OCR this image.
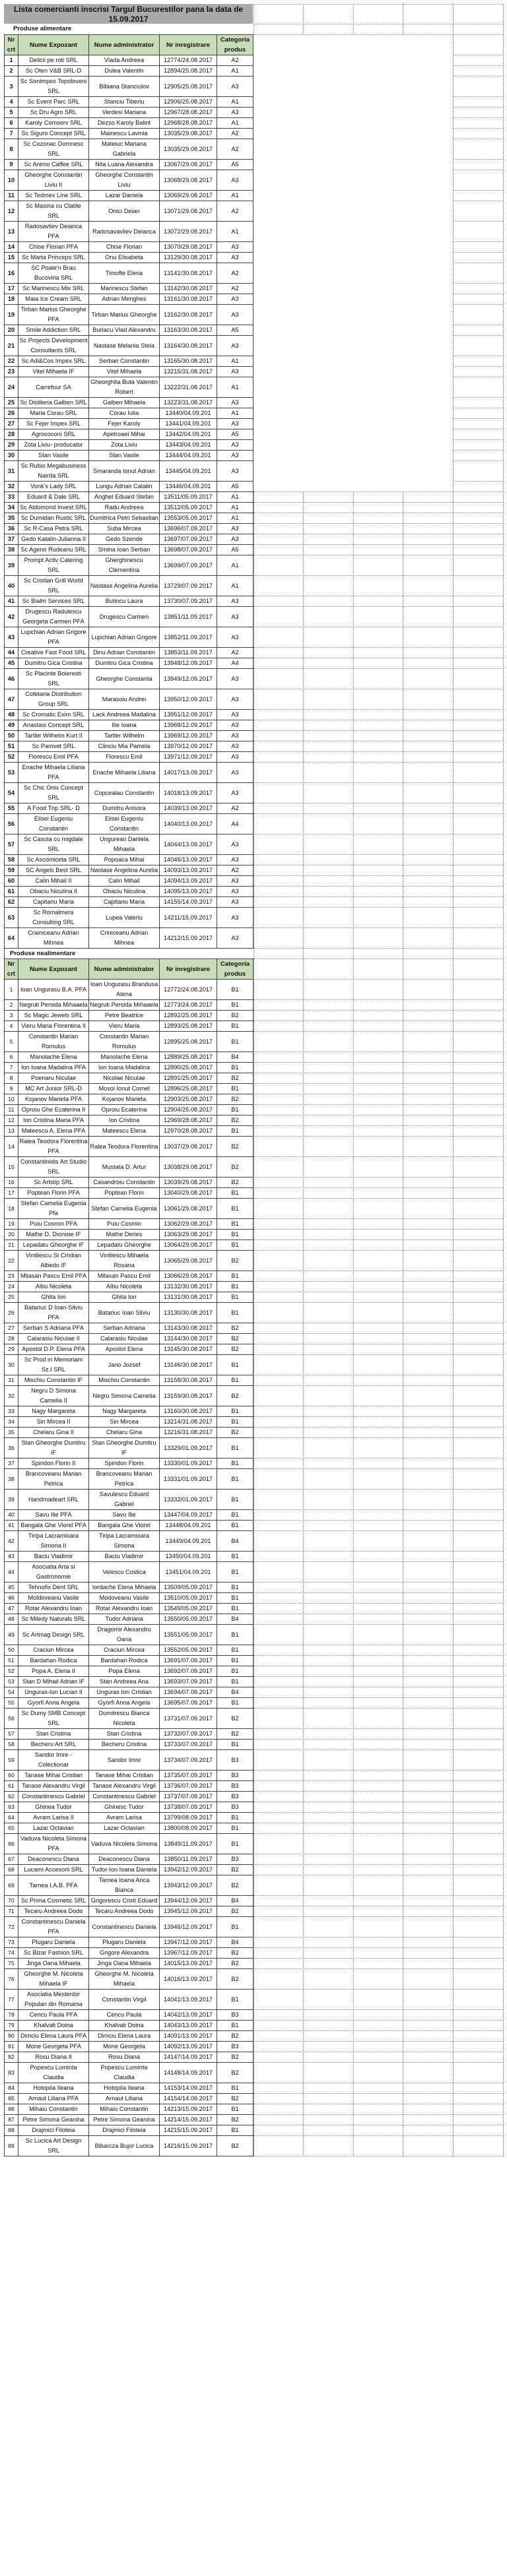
Lista comercianti inscrisi Targul Bucurestilor pana la data de 15.09.2017
Produse alimentare
Nr crt	Nume Expozant	Nume administrator	Nr inregistrare	Categoria produs
1	Delicii pe roti SRL	Vlada Andreea	12774/24.08.2017	A2
2	Sc Oten V&B SRL-D	Dulea Valentin	12894/25.08.2017	A1
3	Sc Sonimpex Topoloveni SRL	Bibiana Stanciulov	12905/25.08.2017	A3
4	Sc Event Parc SRL	Stanciu Tiberiu	12906/25.08.2017	A1
5	Sc Dru Agro SRL	Verdesi Mariana	12967/28.08.2017	A3
6	Karoly Comserv SRL	Dezso Karoly Balint	12968/28.08.2017	A1
7	Sc Siguro Concept SRL	Mainescu Lavinia	13035/29.08.2017	A2
8	Sc Cozonac Domnesc SRL	Mateiuc Mariana Gabriela	13035/29.08.2017	A2
9	Sc Animo Caffee SRL	Nita Luana Alexandra	13067/29.08.2017	A5
10	Gheorghe Constantin Liviu II	Gheorghe Constantin Liviu	13068/29.08.2017	A3
11	Sc Tedmex Line SRL	Lazar Daniela	13069/29.08.2017	A1
12	Sc Masina cu Clatite SRL	Onici Deian	13071/29.08.2017	A2
13	Radosavliev Deianca PFA	Radosavavliev Deianca	13072/29.08.2017	A1
14	Chise Florian PFA	Chise Florian	13070/29.08.2017	A3
15	Sc Marta Princeps SRL	Onu Elisabeta	13129/30.08.2017	A3
16	SC Poale'n Brau Bucovina SRL	Timofte Elena	13141/30.08.2017	A2
17	Sc Marinescu Mix SRL	Marinescu Stefan	13142/30.08.2017	A2
18	Maia Ice Cream SRL	Adrian Menghes	13161/30.08.2017	A3
19	Tirban Marius Gheorghe PFA	Tirban Marius Gheorghe	13162/30.08.2017	A3
20	Smile Addiction SRL	Burlacu Vlad Alexandru	13163/30.08.2017	A5
21	Sc Projects Development Consultants SRL	Nastase Melania Stela	13164/30.08.2017	A3
22	Sc Adi&Cos Impex SRL	Serban Constantin	13165/30.08.2017	A1
23	Vitel Mihaela IF	Vitel Mihaela	13215/31.08.2017	A3
24	Carrefour SA	Gheorghita Buta Valentin Robert	13222/31.08.2017	A1
25	Sc Distileria Galben SRL	Galben Mihaela	13223/31.08.2017	A3
26	Maria Corau SRL	Corau Iulia	13440/04.09.201	A1
27	Sc Fejer Impex SRL	Fejer Karoly	13441/04.09.201	A3
28	Agrococoni SRL	Apetroaei Mihai	13442/04.09.201	A5
29	Zota Liviu- producator	Zota Liviu	13443/04.09.201	A3
30	Stan Vasile	Stan Vasile	13444/04.09.201	A3
31	Sc Rubio Megabusiness Nairda SRL	Smaranda Ionut Adrian	13445/04.09.201	A3
32	Vonk's Lady SRL	Lungu Adrian Catalin	13446/04.09.201	A5
33	Eduard & Dale SRL	Anghel Eduard Stefan	13511/05.09.2017	A1
34	Sc Aldomond Invest SRL	Radu Andreea	13512/05.09.2017	A1
35	Sc Dumidan Rustic SRL	Dumitrica Petri Sebastian	13553/05.09.2017	A1
36	Sc R-Casa Petra SRL	Suba Mircea	13696/07.09.2017	A3
37	Gedo Katalin-Julianna II	Gedo Szende	13697/07.09.2017	A3
38	Sc Ageno Rudeanu SRL	Smina Ioan Serban	13698/07.09.2017	A5
39	Prompt Activ Catering SRL	Gherghinescu Clementina	13699/07.09.2017	A1
40	Sc Cristian Grill World SRL	Nastase Angelina Aurelia	13729/07.09.2017	A1
41	Sc Bialm Services SRL	Butincu Laura	13730/07.09.2017	A3
42	Drugescu Radulescu Georgeta Carmen PFA	Drugescu Carmen	13851/11.09.2017	A3
43	Lupchian Adrian Grigore PFA	Lupchian Adrian Grigore	13852/11.09.2017	A3
44	Creative Fast Food SRL	Dinu Adrian Constantin	13853/11.09.2017	A2
45	Dumitru Gica Cristina	Dumitru Gica Cristina	13948/12.09.2017	A4
46	Sc Placinte Boieresti SRL	Gheorghe Constanta	13949/12.09.2017	A3
47	Cofetaria Distribution Group SRL	Marasoiu Andrei	13950/12.09.2017	A3
48	Sc Cromatic Exim SRL	Lack Andreea Madalina	13951/12.09.2017	A3
49	Anastasi Concept SRL	Ilie Ioana	13968/12.09.2017	A3
50	Tartler Wilhelm Kurt II	Tartler Wilhelm	13969/12.09.2017	A3
51	Sc Pamvet SRL	Clinciu Mia Pamela	13970/12.09.2017	A3
52	Florescu Emil PFA	Florescu Emil	13971/12.09.2017	A3
53	Enache Mihaela Liliana PFA	Enache Mihaela Liliana	14017/13.09.2017	A3
54	Sc Chic Onix Concept SRL	Copcealau Constantin	14018/13.09.2017	A3
55	A Food Trip SRL- D	Dumitru Anisora	14039/13.09.2017	A2
56	Elisei Eugeniu Constantin	Elisei Eugeniu Constantin	14040/13.09.2017	A4
57	Sc Casuta cu migdale SRL	Ungurean Daniela Mihaela	14044/13.09.2017	A3
58	Sc Ascomiceta SRL	Popoaca Mihai	14046/13.09.2017	A3
59	SC Angels Best SRL	Nastase Angelina Aurelia	14093/13.09.2017	A2
60	Calin Mihail II	Calin Mihail	14094/13.09.2017	A3
61	Obaciu Niculina II	Obaciu Niculina	14095/13.09.2017	A3
62	Capitanu Maria	Capitanu Maria	14155/14.09.2017	A3
63	Sc Romalmera Consulting SRL	Lupea Valeriu	14211/15.09.2017	A3
64	Crainiceanu Adrian Mihnea	Criniceanu Adrian Mihnea	14212/15.09.2017	A3
Produse nealimentare				
Nr crt	Nume Expozant	Nume administrator	Nr inregistrare	Categoria produs
1	Ioan Ungurasu B.A. PFA	Ioan Ungurasu Brandusa Atena	12772/24.08.2017	B1
2	Negruti Persida Mihaaela	Negruti Persida Mihaaela	12773/24.08.2017	B1
3	Sc Magic Jewels SRL	Petre Beatrice	12892/25.08.2017	B2
4	Vieru Maria Florentina II	Vieru Maria	12893/25.08.2017	B1
5	Constantin Marian Romulus	Constantin Marian Romulus	12895/25.08.2017	B1
6	Manolache Elena	Manolache Elena	12889/25.08.2017	B4
7	Ion Ioana Madalina PFA	Ion Ioana Madalina	12890/25.08.2017	B1
8	Poenaru Niculae	Nicolae Niculae	12891/25.08.2017	B2
9	MC Art Junior SRL-D	Mosoi Ionut Cornel	12896/25.08.2017	B1
10	Kojanov Marieta PFA	Kojanov Marieta	12903/25.08.2017	B2
11	Oproiu Ghe Ecaterina II	Oproiu Ecaterina	12904/25.08.2017	B1
12	Ion Cristina Maria PFA	Ion Cristina	12969/28.08.2017	B2
13	Mateescu A. Elena PFA	Mateescu Elena	12970/28.08.2017	B1
14	Ralea Teodora Florentina PFA	Ralea Teodora Florentina	13037/29.08.2017	B2
15	Constantinidis Art Studio SRL	Mustata D. Artur	13038/29.08.2017	B2
16	Sc Artstip SRL	Casandroiu Constantin	13039/29.08.2017	B2
17	Poptean Florin PFA	Poptean Florin	13040/29.08.2017	B1
18	Stefan Camelia Eugenia Pfa	Stefan Camelia Eugenia	13061/29.08.2017	B1
19	Puiu Cosmin PFA	Puiu Cosmin	13062/29.08.2017	B1
20	Mathe D. Dionisie IF	Mathe Denes	13063/29.08.2017	B1
21	Lepadatu Gheorghe IF	Lepadatu Gheorghe	13064/29.08.2017	B1
22	Vintilescu St Cristian Albedo IF	Vintilescu Mihaela Roxana	13065/29.08.2017	B2
23	Milasan Pascu Emil PFA	Milasan Pascu Emil	13066/29.08.2017	B1
24	Albu Nicoleta	Albu Nicoleta	13132/30.08.2017	B1
25	Ghita Ion	Ghita Ion	13131/30.08.2017	B1
26	Batariuc D Ioan-Silviu PFA	Batariuc Ioan Silviu	13130/30.08.2017	B1
27	Serban S Adriana PFA	Serban Adriana	13143/30.08.2017	B2
28	Calarasiu Niculae II	Calarasiu Niculae	13144/30.08.2017	B2
29	Apostol D.P. Elena PFA	Apostol Elena	13145/30.08.2017	B2
30	Sc Prod in Memoriam Sz.I SRL	Jano Jozsef	13146/30.08.2017	B1
31	Mischiu Constantin IF	Mischiu Constantin	13158/30.08.2017	B1
32	Negru D Simona Camelia II	Negru Simona Camelia	13159/30.08.2017	B2
33	Nagy Margareta	Nagy Margareta	13160/30.08.2017	B1
34	Sin Mircea II	Sin Mircea	13214/31.08.2017	B1
35	Chelaru Gina II	Chelaru Gina	13216/31.08.2017	B2
36	Stan Gheorghe Dumitru IF	Stan Gheorghe Dumitru IF	13329/01.09.2017	B1
37	Spiridon Florin II	Spiridon Florin	13330/01.09.2017	B1
38	Brancoveanu Marian Petrica	Brancoveanu Marian Petrica	13331/01.09.2017	B1
39	Handmadeart SRL	Savulescu Eduard Gabriel	13332/01.09.2017	B1
40	Savu Ilie PFA	Savu Ilie	13447/04.09.2017	B1
41	Bangala Ghe Viorel PFA	Bangala Ghe Viorel	13448/04.09.201	B1
42	Tiripa Lacramioara Simona II	Tiripa Lacramioara Simona	13449/04.09.201	B4
43	Baciu Vladimir	Baciu Vladimir	13450/04.09.201	B1
44	Asociatia Arta si Gastronomie	Velescu Costica	13451/04.09.201	B1
45	Tehnofix Dent SRL	Iordache Elena Mihaela	13509/05.09.2017	B1
46	Moldoveanu Vasile	Modoveanu Vasile	13510/05.09.2017	B1
47	Rotar Alexandru Ioan	Rotar Alexandru Ioan	13549/05.09.2017	B1
48	Sc Miledy Naturals SRL	Tudor Adriana	13550/05.09.2017	B4
49	Sc Artmag Design SRL	Dragomir Alexandru Oana	13551/05.09.2017	B1
50	Craciun Mircea	Craciun Mircea	13552/05.09.2017	B1
51	Bardahan Rodica	Bardahan Rodica	13691/07.09.2017	B1
52	Popa A. Elena II	Popa Elena	13692/07.09.2017	B1
53	Stan D Mihail Adrian IF	Stan Andreea Ana	13693/07.09.2017	B1
54	Unguras-Ion Lucian II	Unguras Ion Cristian	13694/07.09.2017	B4
55	Gyorfi Anna Angela	Gyorfi Anna Angela	13695/07.09.2017	B1
56	Sc Dumy SMB Concept SRL	Dumitrescu Bianca Nicoleta	13731/07.09.2017	B2
57	Stan Cristina	Stan Cristina	13732/07.09.2017	B2
58	Becheru Art SRL	Becheru Cristina	13733/07.09.2017	B1
59	Sandor Imre - Colectionar	Sandor Imre	13734/07.09.2017	B3
60	Tanase Mihai Cristian	Tanase Mihai Cristian	13735/07.09.2017	B3
61	Tanase Alexandru Virgil	Tanase Alexandru Virgil	13736/07.09.2017	B3
62	Constantinescu Gabriel	Constantinescu Gabriel	13737/07.09.2017	B3
63	Ghinea Tudor	Ghinesc Tudor	13738/07.09.2017	B3
64	Avram Larisa II	Avram Larisa	13799/08.09.2017	B1
65	Lazar Octavian	Lazar Octavian	13800/08.09.2017	B1
66	Vaduva Nicoleta Simona PFA	Vaduva Nicoleta Simona	13849/11.09.2017	B1
67	Deaconescu Diana	Deaconescu Diana	13850/11.09.2017	B3
68	Lucami Accesorii SRL	Tudor-Ion Ioana Daniela	13942/12.09.2017	B2
69	Tarnea I.A.B. PFA	Tarnea Ioana Anca Bianca	13943/12.09.2017	B2
70	Sc Prima Cosmetic SRL	Grigorescu Cristi Eduard	13944/12.09.2017	B4
71	Tecaru Andreea Dodo	Tecaru Andreea Dodo	13945/12.09.2017	B2
72	Constantinescu Daniela PFA	Constantinescu Daniela	13946/12.09.2017	B1
73	Plugaru Daniela	Plugaru Daniela	13947/12.09.2017	B4
74	Sc Bizar Fashion SRL	Grigore Alexandra	13967/12.09.2017	B2
75	Jinga Oana Mihaela	Jinga Oana Mihaela	14015/13.09.2017	B2
76	Gheorghe M. Nicoleta Mihaela IF	Gheorghe M. Nicoleta Mihaela	14016/13.09.2017	B2
77	Asociatia Mesterilor Populari din Romania	Constantin Virgil	14041/13.09.2017	B1
78	Cencu Paula PFA	Cencu Paula	14042/13.09.2017	B3
79	Khalvati Doina	Khalvati Doina	14043/13.09.2017	B1
80	Dimciu Elena Laura PFA	Dimciu Elena Laura	14091/13.09.2017	B2
81	Mone Georgeta PFA	Mone Georgeta	14092/13.09.2017	B3
82	Rosu Diana II	Rosu Diana	14147/14.09.2017	B2
83	Popescu Luminta Claudia	Popescu Luminta Claudia	14148/14.09.2017	B2
84	Hotopila Ileana	Hotopila Ileana	14153/14.09.2017	B1
85	Arnaut Liliana PFA	Arnaut Liliana	14154/14.09.2017	B2
86	Mihaiu Constantin	Mihaiu Constantin	14213/15.09.2017	B1
87	Petre Simona Geanina	Petre Simona Geanina	14214/15.09.2017	B2
88	Drajmici Filoteia	Drajmici Filoteia	14215/15.09.2017	B1
89	Sc Lucica Art Design SRL	Bibarcza Bujor Lucica	14216/15.09.2017	B2
